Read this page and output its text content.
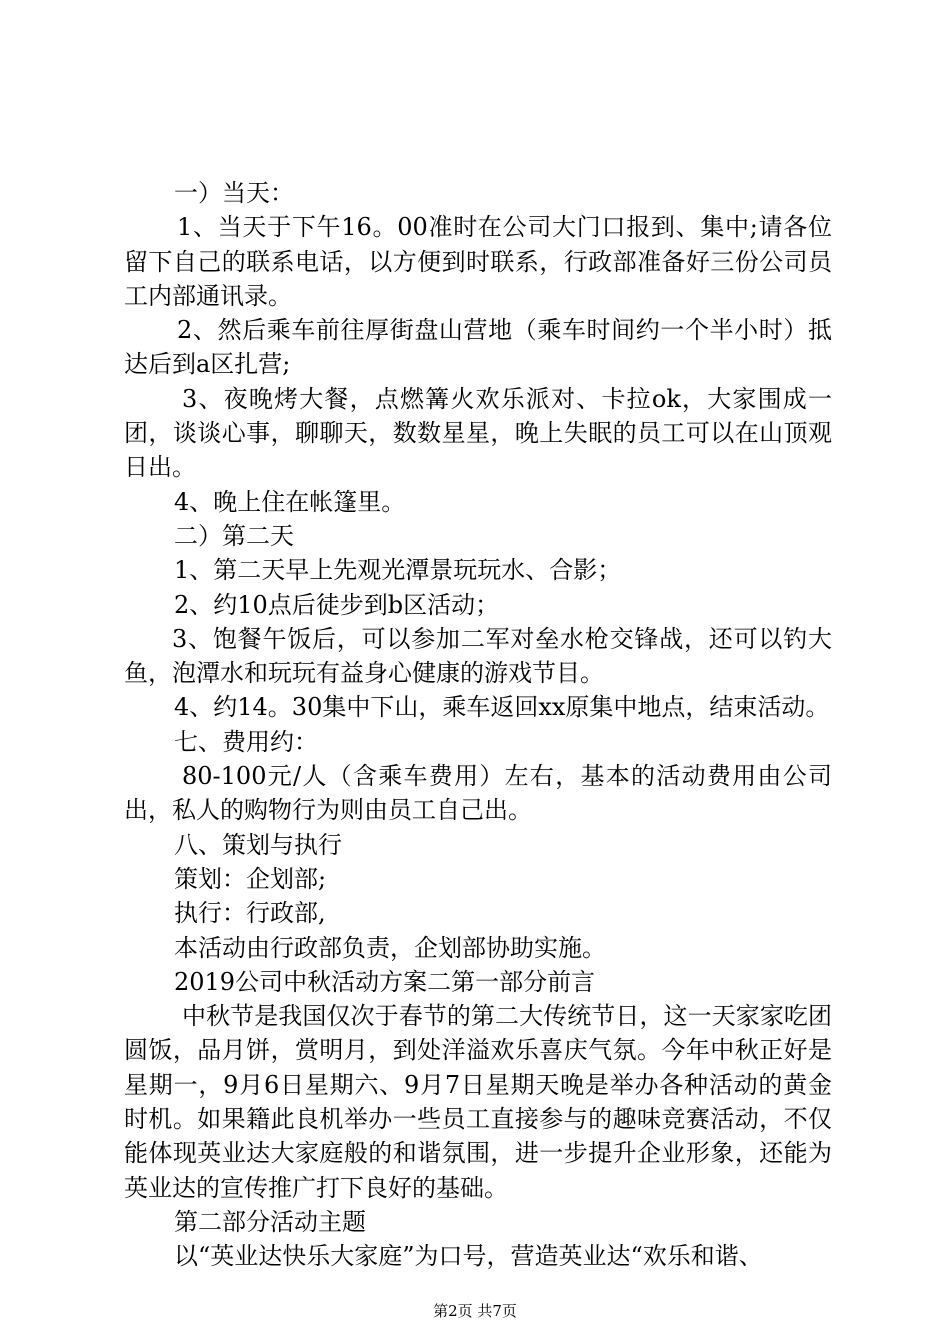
一）当天：

1、当天于下午16。00准时在公司大门口报到、集中;请各位留下自己的联系电话，以方便到时联系，行政部准备好三份公司员工内部通讯录。

2、然后乘车前往厚街盘山营地（乘车时间约一个半小时）抵达后到a区扎营;

3、夜晚烤大餐，点燃篝火欢乐派对、卡拉ok，大家围成一团，谈谈心事，聊聊天，数数星星，晚上失眠的员工可以在山顶观日出。

4、晚上住在帐篷里。

二）第二天

1、第二天早上先观光潭景玩玩水、合影；

2、约10点后徒步到b区活动；

3、饱餐午饭后，可以参加二军对垒水枪交锋战，还可以钓大鱼，泡潭水和玩玩有益身心健康的游戏节目。

4、约14。30集中下山，乘车返回xx原集中地点，结束活动。

七、费用约：

80-100元/人（含乘车费用）左右，基本的活动费用由公司出，私人的购物行为则由员工自己出。

八、策划与执行

策划：企划部;

执行：行政部,

本活动由行政部负责，企划部协助实施。

2019公司中秋活动方案二第一部分前言

中秋节是我国仅次于春节的第二大传统节日，这一天家家吃团圆饭，品月饼，赏明月，到处洋溢欢乐喜庆气氛。今年中秋正好是星期一，9月6日星期六、9月7日星期天晚是举办各种活动的黄金时机。如果籍此良机举办一些员工直接参与的趣味竞赛活动，不仅能体现英业达大家庭般的和谐氛围，进一步提升企业形象，还能为英业达的宣传推广打下良好的基础。

第二部分活动主题

以“英业达快乐大家庭”为口号，营造英业达“欢乐和谐、

第2页 共7页
